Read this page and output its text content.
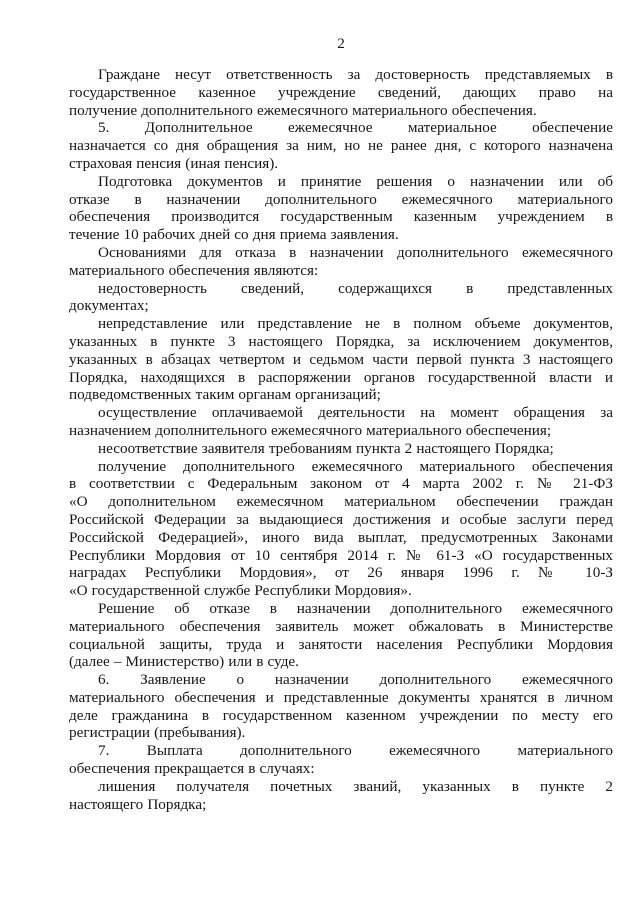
2
Граждане несут ответственность за достоверность представляемых в
государственное казенное учреждение сведений, дающих право на
получение дополнительного ежемесячного материального обеспечения.
5. Дополнительное ежемесячное материальное обеспечение
назначается со дня обращения за ним, но не ранее дня, с которого назначена
страховая пенсия (иная пенсия).
Подготовка документов и принятие решения о назначении или об
отказе в назначении дополнительного ежемесячного материального
обеспечения производится государственным казенным учреждением в
течение 10 рабочих дней со дня приема заявления.
Основаниями для отказа в назначении дополнительного ежемесячного
материального обеспечения являются:
недостоверность сведений, содержащихся в представленных
документах;
непредставление или представление не в полном объеме документов,
указанных в пункте 3 настоящего Порядка, за исключением документов,
указанных в абзацах четвертом и седьмом части первой пункта 3 настоящего
Порядка, находящихся в распоряжении органов государственной власти и
подведомственных таким органам организаций;
осуществление оплачиваемой деятельности на момент обращения за
назначением дополнительного ежемесячного материального обеспечения;
несоответствие заявителя требованиям пункта 2 настоящего Порядка;
получение дополнительного ежемесячного материального обеспечения
в соответствии с Федеральным законом от 4 марта 2002 г. № 21-ФЗ
«О дополнительном ежемесячном материальном обеспечении граждан
Российской Федерации за выдающиеся достижения и особые заслуги перед
Российской Федерацией», иного вида выплат, предусмотренных Законами
Республики Мордовия от 10 сентября 2014 г. № 61-З «О государственных
наградах Республики Мордовия», от 26 января 1996 г. № 10-З
«О государственной службе Республики Мордовия».
Решение об отказе в назначении дополнительного ежемесячного
материального обеспечения заявитель может обжаловать в Министерстве
социальной защиты, труда и занятости населения Республики Мордовия
(далее – Министерство) или в суде.
6. Заявление о назначении дополнительного ежемесячного
материального обеспечения и представленные документы хранятся в личном
деле гражданина в государственном казенном учреждении по месту его
регистрации (пребывания).
7. Выплата дополнительного ежемесячного материального
обеспечения прекращается в случаях:
лишения получателя почетных званий, указанных в пункте 2
настоящего Порядка;
